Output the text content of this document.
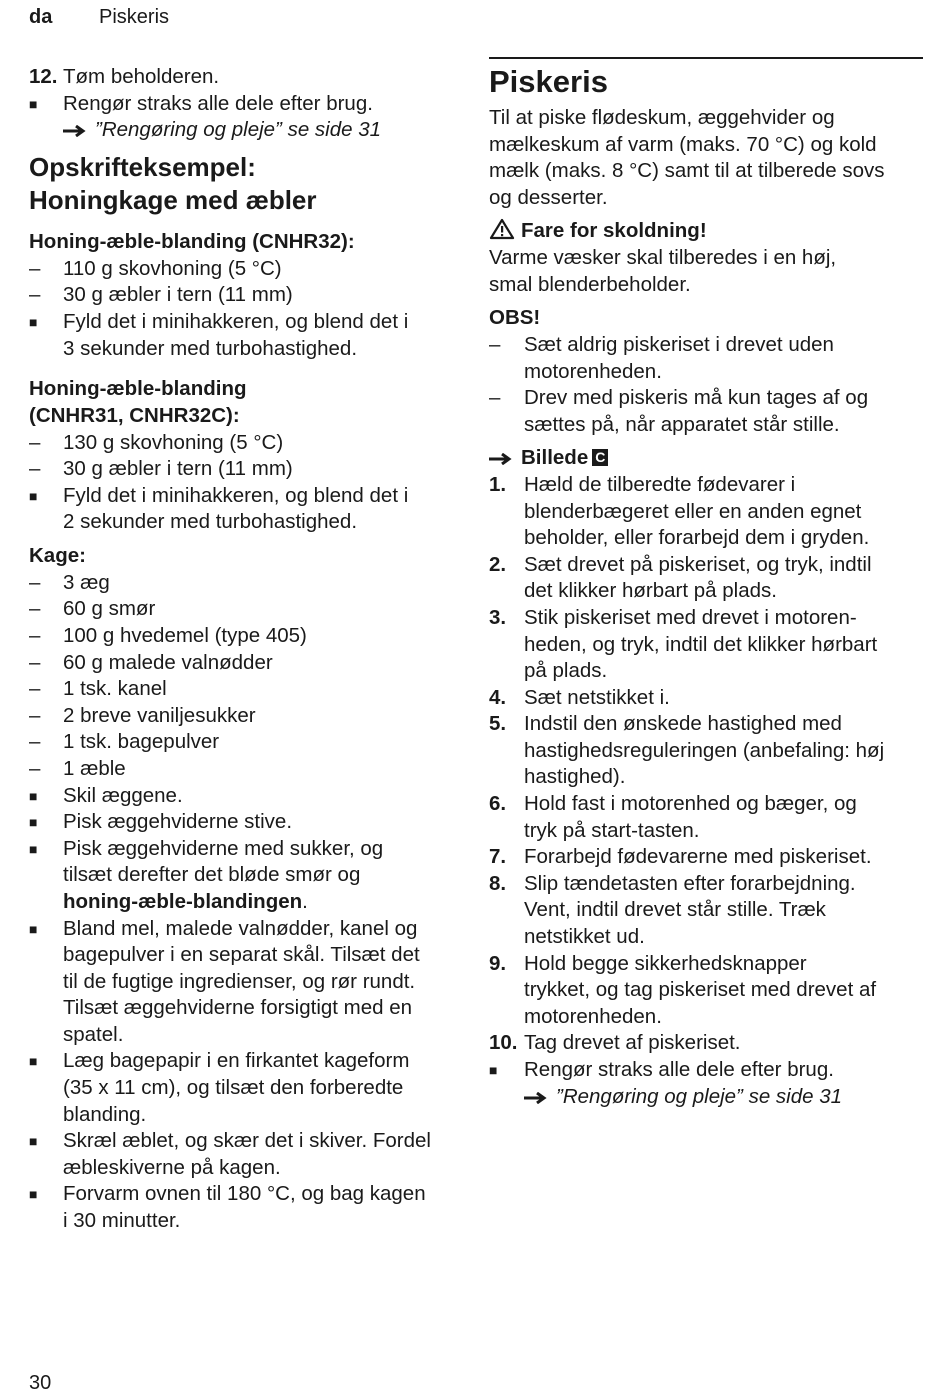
da Piskeris
12. Tøm beholderen.
■ Rengør straks alle dele efter brug.
”Rengøring og pleje” se side 31
Opskrifteksempel:
Honingkage med æbler
Honing-æble-blanding (CNHR32):
– 110 g skovhoning (5 °C)
– 30 g æbler i tern (11 mm)
■ Fyld det i minihakkeren, og blend det i
3 sekunder med turbohastighed.
Honing-æble-blanding
(CNHR31, CNHR32C):
– 130 g skovhoning (5 °C)
– 30 g æbler i tern (11 mm)
■ Fyld det i minihakkeren, og blend det i
2 sekunder med turbohastighed.
Kage:
– 3 æg
– 60 g smør
– 100 g hvedemel (type 405)
– 60 g malede valnødder
– 1 tsk. kanel
– 2 breve vaniljesukker
– 1 tsk. bagepulver
– 1 æble
■ Skil æggene.
■ Pisk æggehviderne stive.
■ Pisk æggehviderne med sukker, og
tilsæt derefter det bløde smør og
honing-æble-blandingen.
■ Bland mel, malede valnødder, kanel og
bagepulver i en separat skål. Tilsæt det
til de fugtige ingredienser, og rør rundt.
Tilsæt æggehviderne forsigtigt med en
spatel.
■ Læg bagepapir i en firkantet kageform
(35 x 11 cm), og tilsæt den forberedte
blanding.
■ Skræl æblet, og skær det i skiver. Fordel
æbleskiverne på kagen.
■ Forvarm ovnen til 180 °C, og bag kagen
i 30 minutter.
Piskeris
Til at piske flødeskum, æggehvider og
mælkeskum af varm (maks. 70 °C) og kold
mælk (maks. 8 °C) samt til at tilberede sovs
og desserter.
Fare for skoldning!
Varme væsker skal tilberedes i en høj,
smal blenderbeholder.
OBS!
– Sæt aldrig piskeriset i drevet uden
motorenheden.
– Drev med piskeris må kun tages af og
sættes på, når apparatet står stille.
Billede C
1. Hæld de tilberedte fødevarer i
blenderbægeret eller en anden egnet
beholder, eller forarbejd dem i gryden.
2. Sæt drevet på piskeriset, og tryk, indtil
det klikker hørbart på plads.
3. Stik piskeriset med drevet i motoren-
heden, og tryk, indtil det klikker hørbart
på plads.
4. Sæt netstikket i.
5. Indstil den ønskede hastighed med
hastighedsreguleringen (anbefaling: høj
hastighed).
6. Hold fast i motorenhed og bæger, og
tryk på start-tasten.
7. Forarbejd fødevarerne med piskeriset.
8. Slip tændetasten efter forarbejdning.
Vent, indtil drevet står stille. Træk
netstikket ud.
9. Hold begge sikkerhedsknapper
trykket, og tag piskeriset med drevet af
motorenheden.
10. Tag drevet af piskeriset.
■ Rengør straks alle dele efter brug.
”Rengøring og pleje” se side 31
30
